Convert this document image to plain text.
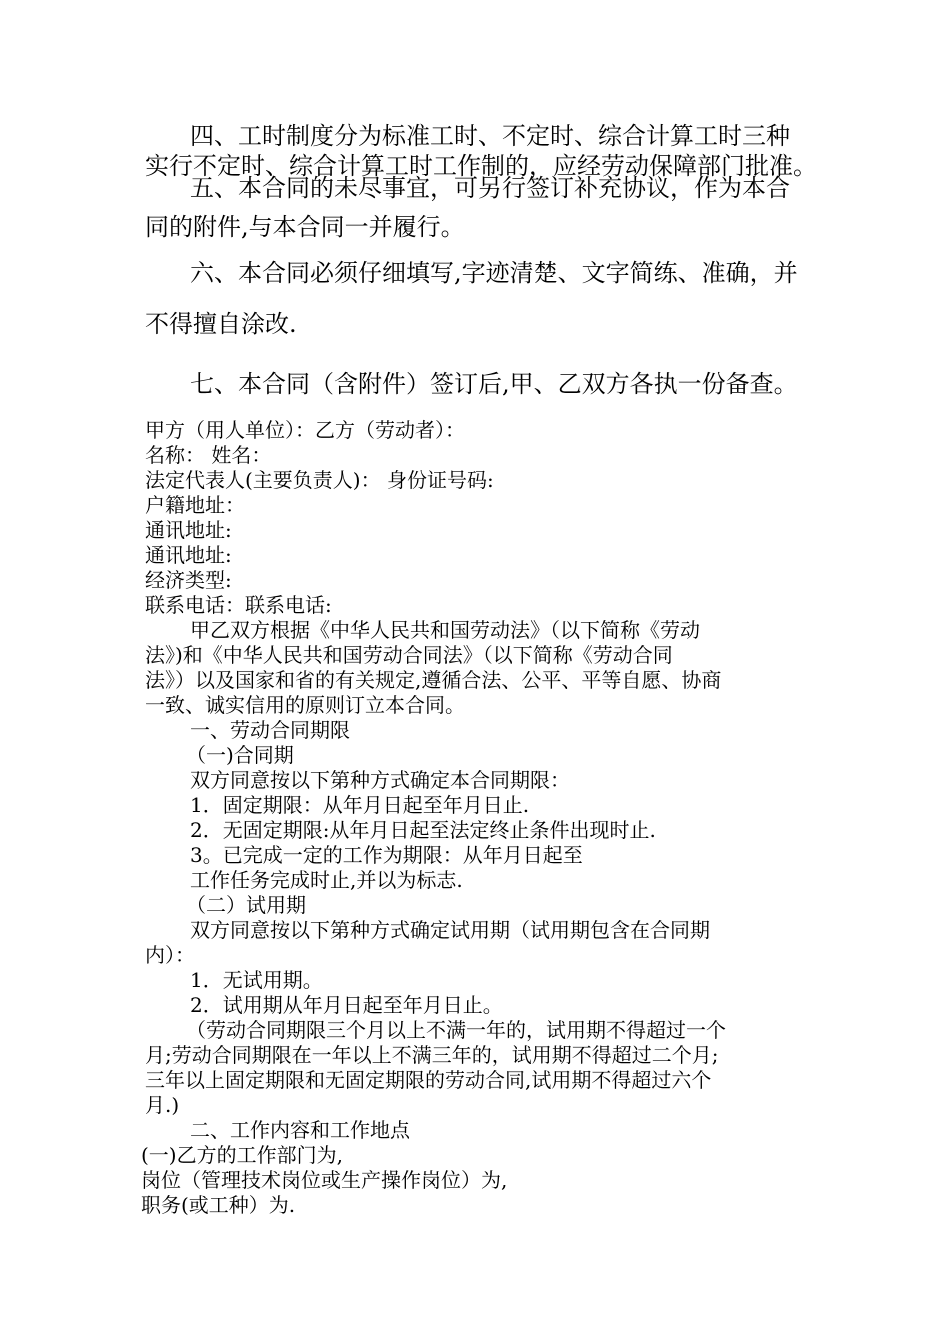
四、工时制度分为标准工时、不定时、综合计算工时三种
实行不定时、综合计算工时工作制的，应经劳动保障部门批准。
五、本合同的未尽事宜，可另行签订补充协议，作为本合
同的附件,与本合同一并履行。
六、本合同必须仔细填写,字迹清楚、文字简练、准确，并
不得擅自涂改.
七、本合同（含附件）签订后,甲、乙双方各执一份备查。
甲方（用人单位）：乙方（劳动者）：
名称： 姓名：
法定代表人(主要负责人)： 身份证号码:
户籍地址：
通讯地址:
通讯地址:
经济类型:
联系电话：联系电话:
甲乙双方根据《中华人民共和国劳动法》（以下简称《劳动
法》)和《中华人民共和国劳动合同法》（以下简称《劳动合同
法》）以及国家和省的有关规定,遵循合法、公平、平等自愿、协商
一致、诚实信用的原则订立本合同。
一、劳动合同期限
（一)合同期
双方同意按以下第种方式确定本合同期限：
1．固定期限：从年月日起至年月日止.
2．无固定期限:从年月日起至法定终止条件出现时止.
3。已完成一定的工作为期限：从年月日起至
工作任务完成时止,并以为标志.
（二）试用期
双方同意按以下第种方式确定试用期（试用期包含在合同期
内）：
1．无试用期。
2．试用期从年月日起至年月日止。
（劳动合同期限三个月以上不满一年的，试用期不得超过一个
月;劳动合同期限在一年以上不满三年的，试用期不得超过二个月;
三年以上固定期限和无固定期限的劳动合同,试用期不得超过六个
月.)
二、工作内容和工作地点
(一)乙方的工作部门为,
岗位（管理技术岗位或生产操作岗位）为,
职务(或工种）为.
